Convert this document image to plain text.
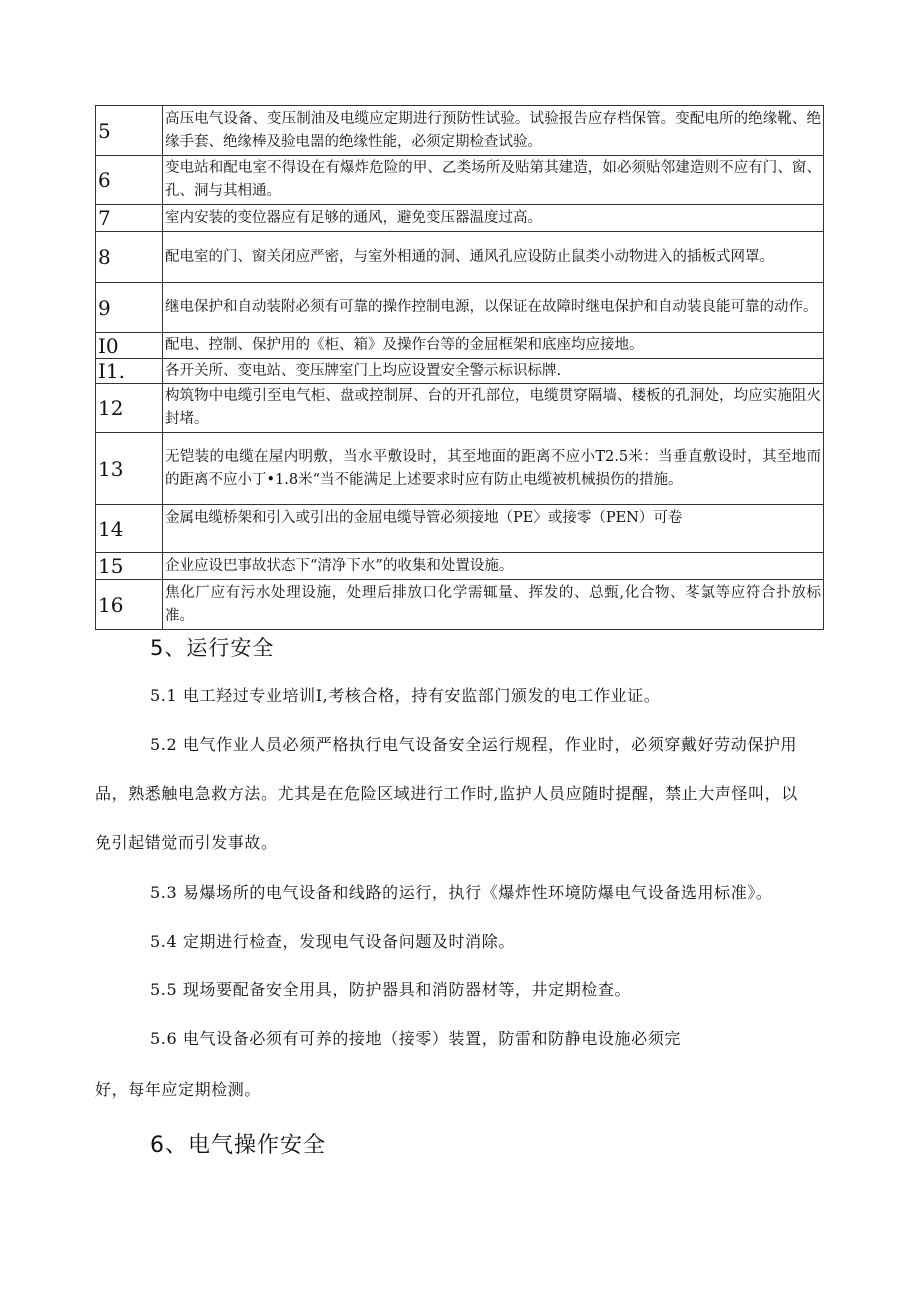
5	高压电气设备、变压制油及电缆应定期进行预防性试验。试验报告应存档保管。变配电所的绝缘靴、绝缘手套、绝缘棒及验电噐的绝缘性能，必须定期检查试验。
6	变电站和配电室不得设在有爆炸危险的甲、乙类场所及贴第其建造，如必须贴邻建造则不应有门、窗、孔、洞与其相通。
7	室内安装的变位器应有足够的通风，避免变压器温度过高。
8	配电室的门、窗关闭应严密，与室外相通的洞、通风孔应设防止鼠类小动物进入的插板式网罩。
9	继电保护和自动装附必须有可靠的操作控制电源，以保证在故障时继电保护和自动装良能可靠的动作。
I0	配电、控制、保护用的《柜、箱》及操作台等的金屈框架和底座均应接地。
I1.	各开关所、变电站、变压牌室门上均应设置安全警示标识标牌.
12	构筑物中电缆引至电气柜、盘或控制屏、台的开孔部位，电缆贯穿隔墙、楼板的孔洞处，均应实施阻火封堵。
13	无铠装的电缆在屋内明敷，当水平敷设时，其至地面的距离不应小T2.5米：当垂直敷设时，其至地而的距离不应小丁•1.8米“当不能满足上述要求时应有防止电缆被机械损伤的措施。
14	金属电缆桥架和引入或引出的金屈电缆导管必须接地（PE〉或接零（PEN）可卷
15	企业应设巴事故状态下“清净下水”的收集和处置设施。
16	焦化厂应有污水处理设施，处理后排放口化学需辄量、挥发的、总甄,化合物、苳氯等应符合扑放标准。
5、运行安全
5.1 电工羟过专业培训I,考核合格，持有安监部门颁发的电工作业证。
5.2 电气作业人员必须严格执行电气设备安全运行规程，作业时，必须穿戴好劳动保护用
品，熟悉触电急救方法。尤其是在危险区域进行工作时,监护人员应随时提醒，禁止大声怪叫，以
免引起错觉而引发事故。
5.3 易爆场所的电气设备和线路的运行，执行《爆炸性环境防爆电气设备选用标准》。
5.4 定期进行检查，发现电气设备问题及时消除。
5.5 现场要配备安全用具，防护器具和消防器材等，井定期检查。
5.6 电气设备必须有可养的接地（接零）装置，防雷和防静电设施必须完
好，每年应定期检测。
6、电气操作安全
